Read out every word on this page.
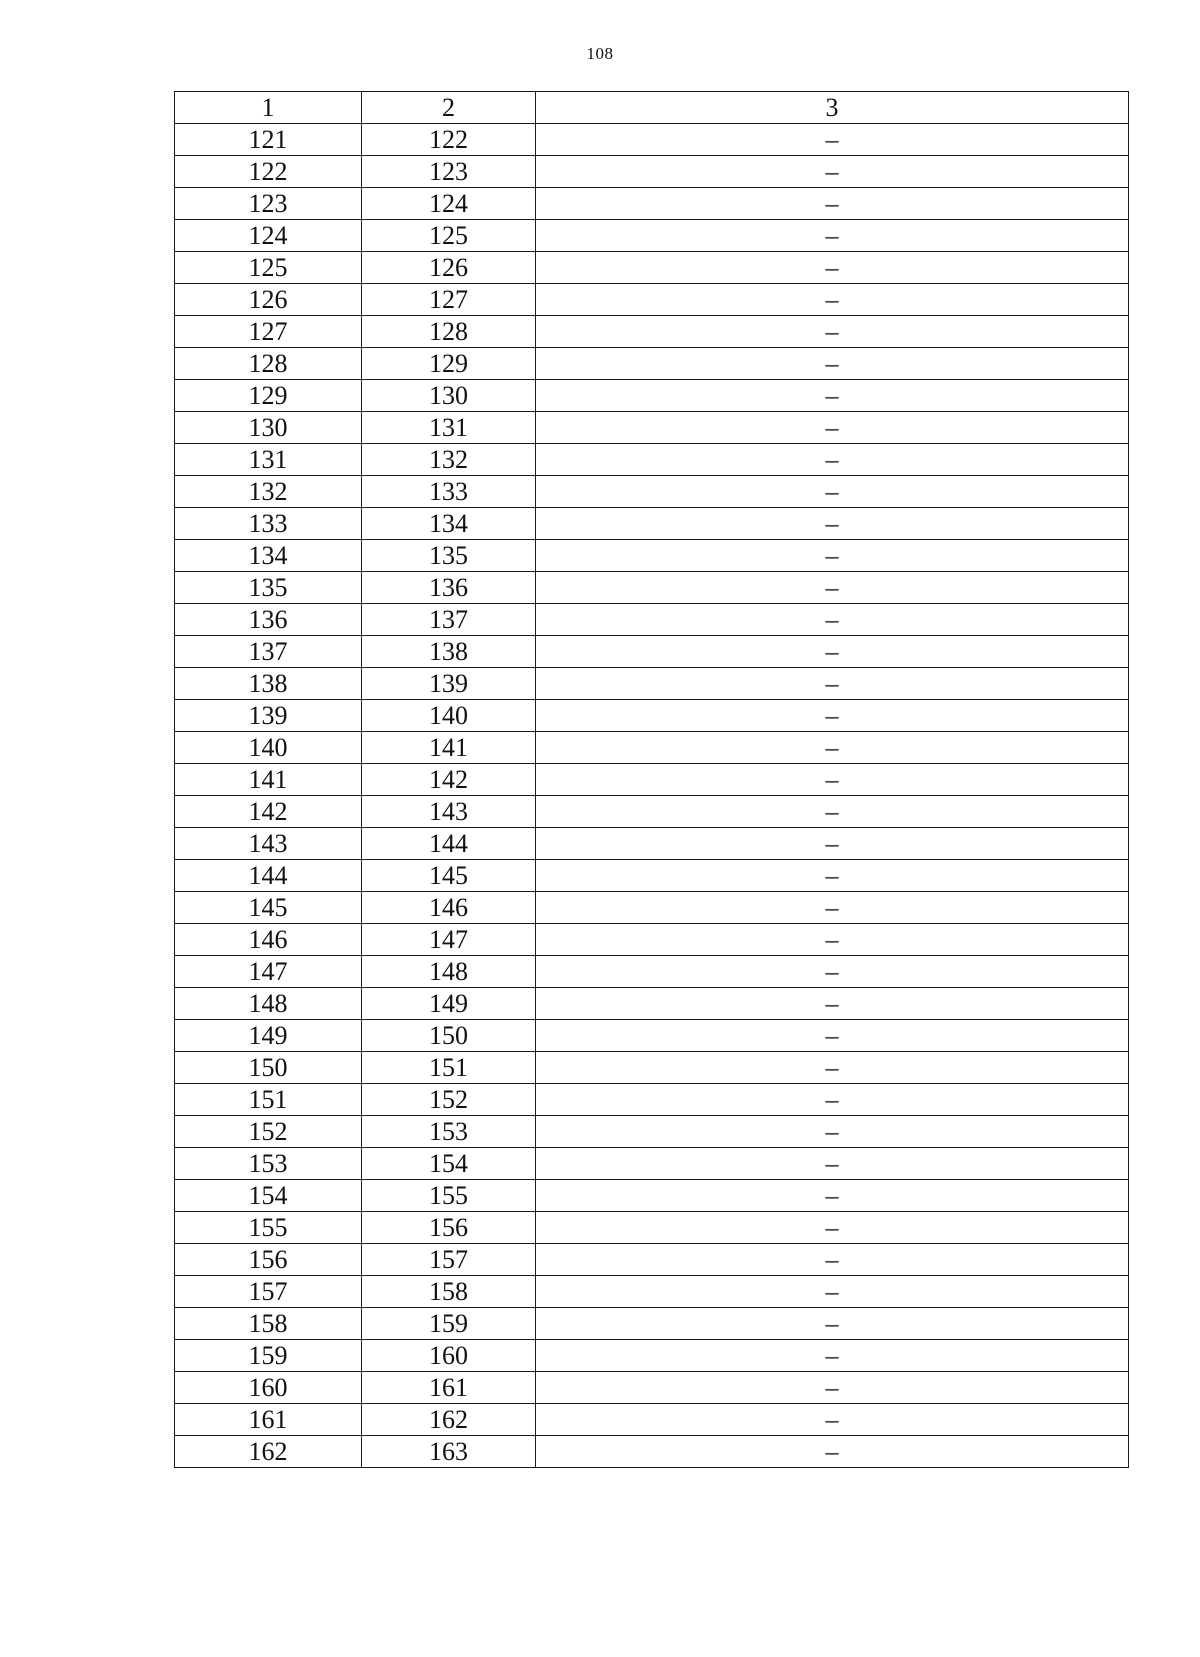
108
1	2	3
121	122	–
122	123	–
123	124	–
124	125	–
125	126	–
126	127	–
127	128	–
128	129	–
129	130	–
130	131	–
131	132	–
132	133	–
133	134	–
134	135	–
135	136	–
136	137	–
137	138	–
138	139	–
139	140	–
140	141	–
141	142	–
142	143	–
143	144	–
144	145	–
145	146	–
146	147	–
147	148	–
148	149	–
149	150	–
150	151	–
151	152	–
152	153	–
153	154	–
154	155	–
155	156	–
156	157	–
157	158	–
158	159	–
159	160	–
160	161	–
161	162	–
162	163	–
